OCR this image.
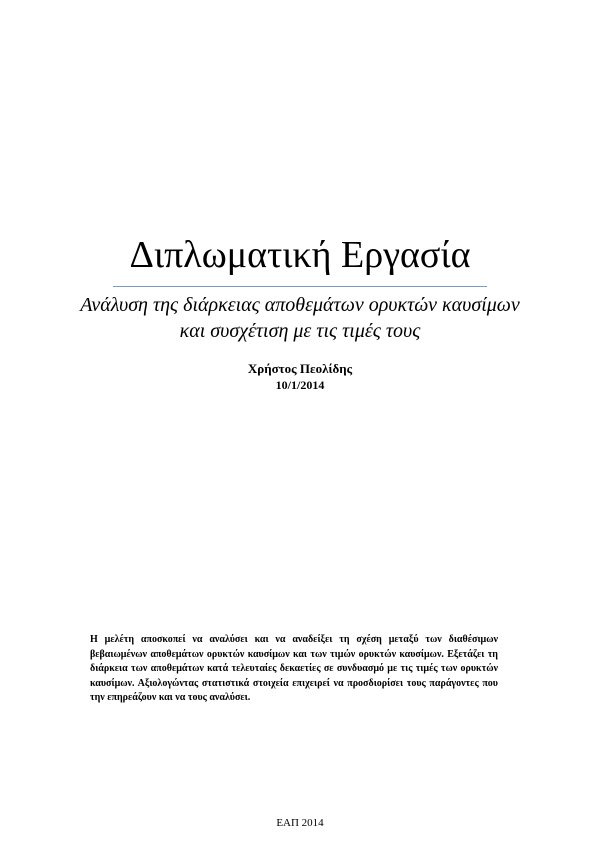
Διπλωματική Εργασία

Ανάλυση της διάρκειας αποθεμάτων ορυκτών καυσίμων και συσχέτιση με τις τιμές τους

Χρήστος Πεολίδης

10/1/2014

Η μελέτη αποσκοπεί να αναλύσει και να αναδείξει τη σχέση μεταξύ των διαθέσιμων βεβαιωμένων αποθεμάτων ορυκτών καυσίμων και των τιμών ορυκτών καυσίμων. Εξετάζει τη διάρκεια των αποθεμάτων κατά τελευταίες δεκαετίες σε συνδυασμό με τις τιμές των ορυκτών καυσίμων. Αξιολογώντας στατιστικά στοιχεία επιχειρεί να προσδιορίσει τους παράγοντες που την επηρεάζουν και να τους αναλύσει.

ΕΑΠ 2014
